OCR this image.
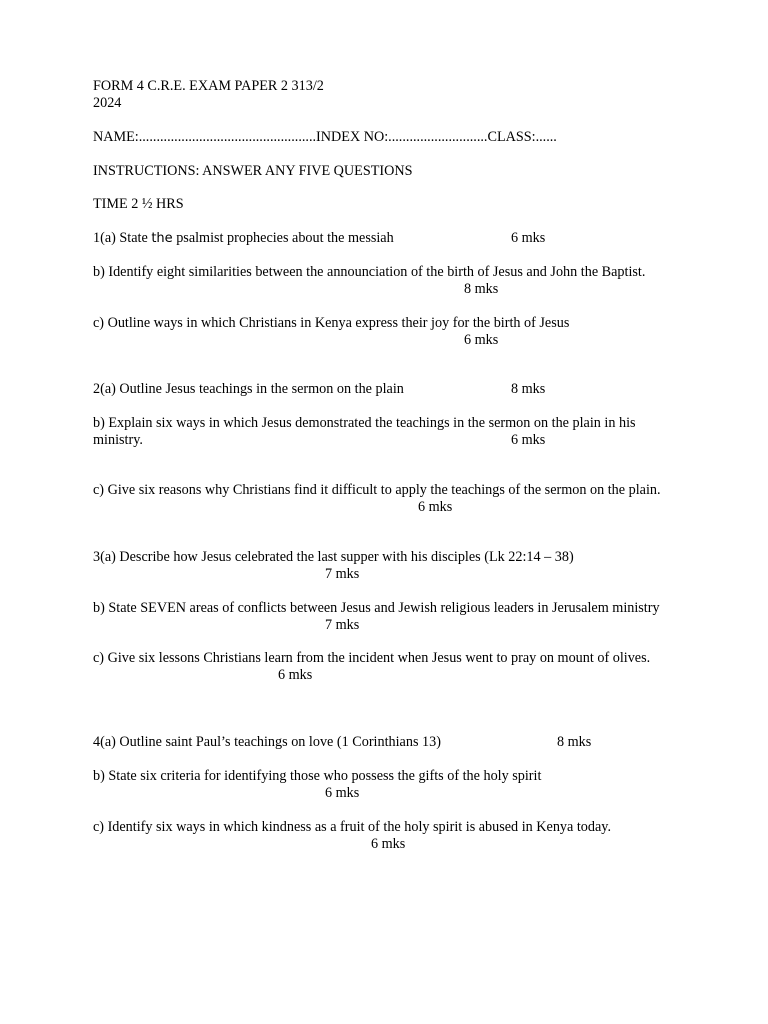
FORM 4 C.R.E. EXAM PAPER 2 313/2
2024
NAME:..................................................INDEX NO:............................CLASS:......
INSTRUCTIONS: ANSWER ANY FIVE QUESTIONS
TIME 2 ½ HRS
1(a) State the psalmist prophecies about the messiah	6 mks
b) Identify eight similarities between the announciation of the birth of Jesus and John the Baptist.
8 mks
c) Outline ways in which Christians in Kenya express their joy for the birth of Jesus
6 mks
2(a) Outline Jesus teachings in the sermon on the plain	8 mks
b) Explain six ways in which Jesus demonstrated the teachings in the sermon on the plain in his ministry.	6 mks
c) Give six reasons why Christians find it difficult to apply the teachings of the sermon on the plain.
6 mks
3(a) Describe how Jesus celebrated the last supper with his disciples (Lk 22:14 – 38)
7 mks
b) State SEVEN areas of conflicts between Jesus and Jewish religious leaders in Jerusalem ministry
7 mks
c) Give six lessons Christians learn from the incident when Jesus went to pray on mount of olives.
6 mks
4(a) Outline saint Paul’s teachings on love (1 Corinthians 13)	8 mks
b) State six criteria for identifying those who possess the gifts of the holy spirit
6 mks
c) Identify six ways in which kindness as a fruit of the holy spirit is abused in Kenya today.
6 mks
